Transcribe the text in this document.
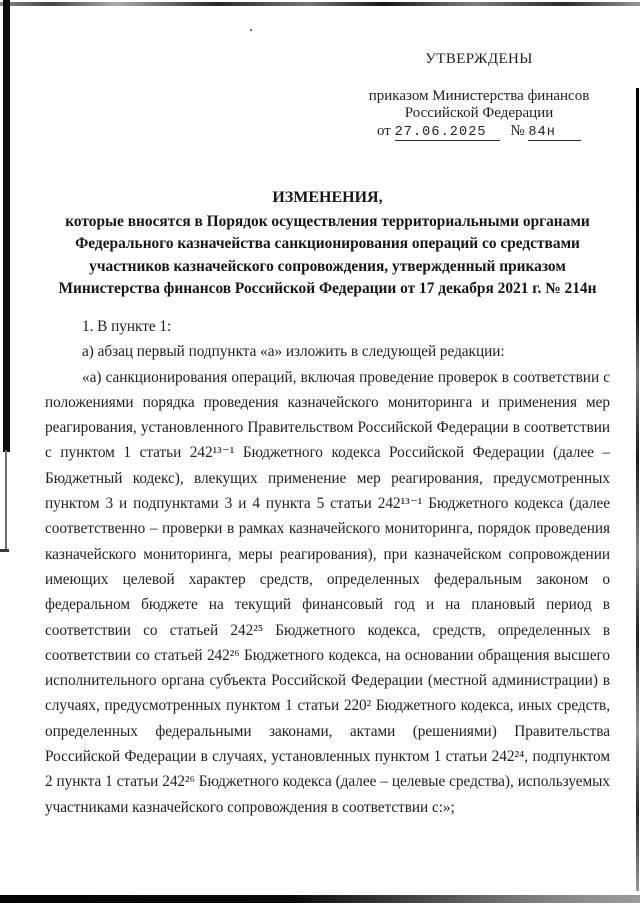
УТВЕРЖДЕНЫ
приказом Министерства финансов
Российской Федерации
от 27.06.2025 № 84н

ИЗМЕНЕНИЯ,

которые вносятся в Порядок осуществления территориальными органами Федерального казначейства санкционирования операций со средствами участников казначейского сопровождения, утвержденный приказом Министерства финансов Российской Федерации от 17 декабря 2021 г. № 214н

1. В пункте 1:

а) абзац первый подпункта «а» изложить в следующей редакции:

«а) санкционирования операций, включая проведение проверок в соответствии с положениями порядка проведения казначейского мониторинга и применения мер реагирования, установленного Правительством Российской Федерации в соответствии с пунктом 1 статьи 242¹³⁻¹ Бюджетного кодекса Российской Федерации (далее – Бюджетный кодекс), влекущих применение мер реагирования, предусмотренных пунктом 3 и подпунктами 3 и 4 пункта 5 статьи 242¹³⁻¹ Бюджетного кодекса (далее соответственно – проверки в рамках казначейского мониторинга, порядок проведения казначейского мониторинга, меры реагирования), при казначейском сопровождении имеющих целевой характер средств, определенных федеральным законом о федеральном бюджете на текущий финансовый год и на плановый период в соответствии со статьей 242²⁵ Бюджетного кодекса, средств, определенных в соответствии со статьей 242²⁶ Бюджетного кодекса, на основании обращения высшего исполнительного органа субъекта Российской Федерации (местной администрации) в случаях, предусмотренных пунктом 1 статьи 220² Бюджетного кодекса, иных средств, определенных федеральными законами, актами (решениями) Правительства Российской Федерации в случаях, установленных пунктом 1 статьи 242²⁴, подпунктом 2 пункта 1 статьи 242²⁶ Бюджетного кодекса (далее – целевые средства), используемых участниками казначейского сопровождения в соответствии с:»;
